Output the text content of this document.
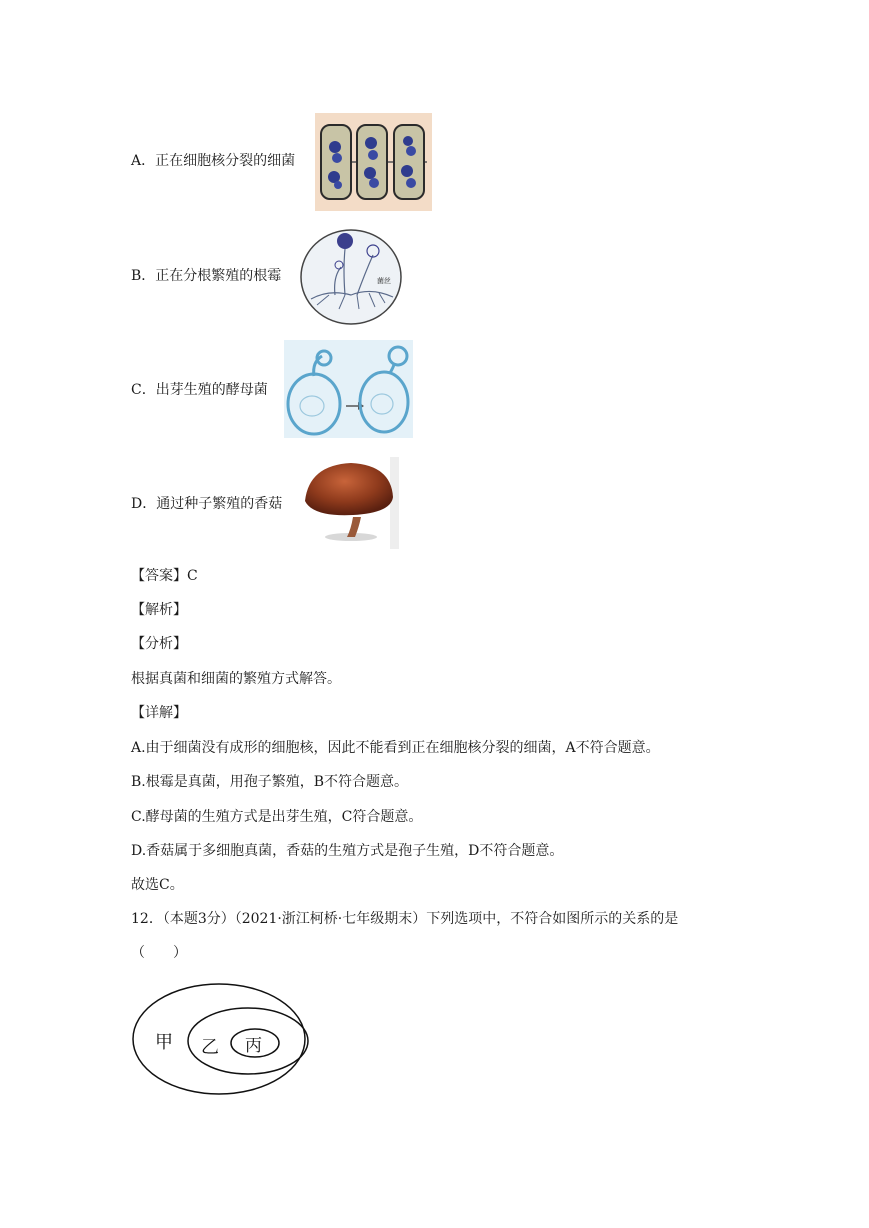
A．正在细胞核分裂的细菌
B．正在分根繁殖的根霉	菌丝
C．出芽生殖的酵母菌
D．通过种子繁殖的香菇
【答案】C
【解析】
【分析】
根据真菌和细菌的繁殖方式解答。
【详解】
A.由于细菌没有成形的细胞核，因此不能看到正在细胞核分裂的细菌，A不符合题意。
B.根霉是真菌，用孢子繁殖，B不符合题意。
C.酵母菌的生殖方式是出芽生殖，C符合题意。
D.香菇属于多细胞真菌，香菇的生殖方式是孢子生殖，D不符合题意。
故选C。
12．（本题3分）（2021·浙江柯桥·七年级期末）下列选项中，不符合如图所示的关系的是
（　　）
甲 乙 丙
